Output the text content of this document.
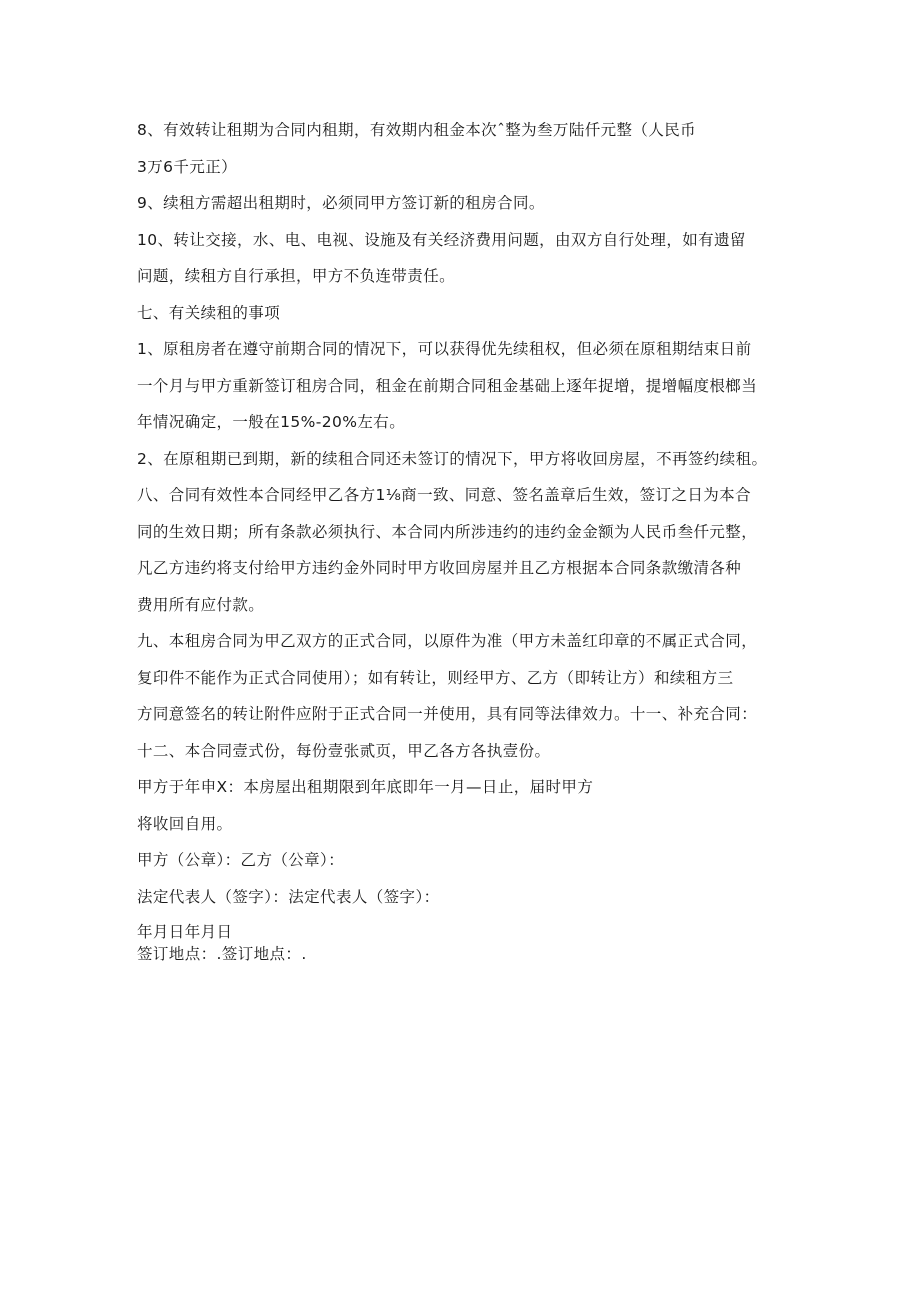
8、有效转让租期为合同内租期，有效期内租金本次ˆ整为叁万陆仟元整（人民币
3万6千元正）
9、续租方需超出租期时，必须同甲方签订新的租房合同。
10、转让交接，水、电、电视、设施及有关经济费用问题，由双方自行处理，如有遗留
问题，续租方自行承担，甲方不负连带责任。
七、有关续租的事项
1、原租房者在遵守前期合同的情况下，可以获得优先续租权，但必须在原租期结束日前
一个月与甲方重新签订租房合同，租金在前期合同租金基础上逐年捉增，提增幅度根榔当
年情况确定，一般在15%-20%左右。
2、在原租期已到期，新的续租合同还未签订的情况下，甲方将收回房屋，不再签约续租。
八、合同有效性本合同经甲乙各方1⅛商一致、同意、签名盖章后生效，签订之日为本合
同的生效日期；所有条款必须执行、本合同内所涉违约的违约金金额为人民币叁仟元整，
凡乙方违约将支付给甲方违约金外同时甲方收回房屋并且乙方根据本合同条款缴清各种
费用所有应付款。
九、本租房合同为甲乙双方的正式合同，以原件为准（甲方未盖红印章的不属正式合同，
复印件不能作为正式合同使用）；如有转让，则经甲方、乙方（即转让方）和续租方三
方同意签名的转让附件应附于正式合同一并使用，具有同等法律效力。十一、补充合同：
十二、本合同壹式份，每份壹张贰页，甲乙各方各执壹份。
甲方于年申X：本房屋出租期限到年底即年一月—日止，届时甲方
将收回自用。
甲方（公章）：乙方（公章）：
法定代表人（签字）：法定代表人（签字）：
年月日年月日
签订地点：.签订地点：.
